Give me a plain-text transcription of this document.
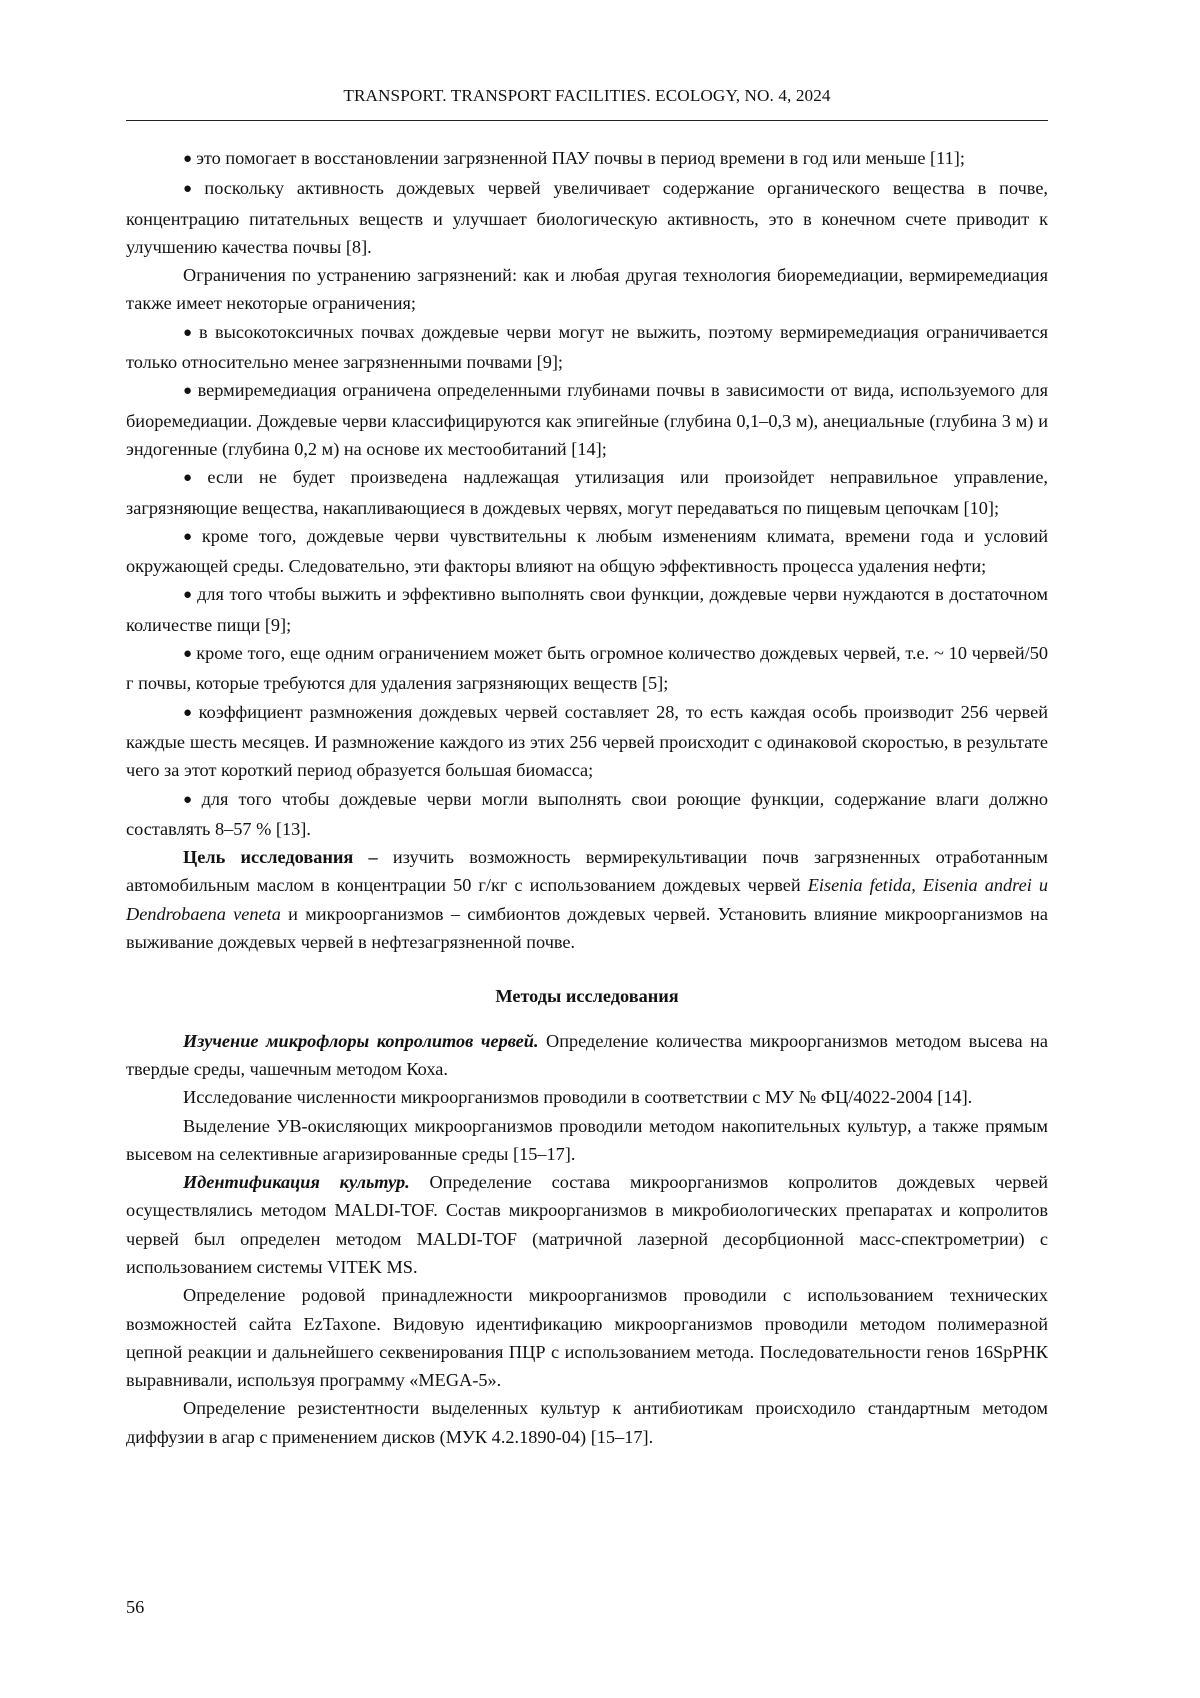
TRANSPORT. TRANSPORT FACILITIES. ECOLOGY, NO. 4, 2024

● это помогает в восстановлении загрязненной ПАУ почвы в период времени в год или меньше [11];

● поскольку активность дождевых червей увеличивает содержание органического вещества в почве, концентрацию питательных веществ и улучшает биологическую активность, это в конечном счете приводит к улучшению качества почвы [8].

Ограничения по устранению загрязнений: как и любая другая технология биоремедиации, вермиремедиация также имеет некоторые ограничения;

● в высокотоксичных почвах дождевые черви могут не выжить, поэтому вермиремедиация ограничивается только относительно менее загрязненными почвами [9];

● вермиремедиация ограничена определенными глубинами почвы в зависимости от вида, используемого для биоремедиации. Дождевые черви классифицируются как эпигейные (глубина 0,1–0,3 м), анециальные (глубина 3 м) и эндогенные (глубина 0,2 м) на основе их местообитаний [14];

● если не будет произведена надлежащая утилизация или произойдет неправильное управление, загрязняющие вещества, накапливающиеся в дождевых червях, могут передаваться по пищевым цепочкам [10];

● кроме того, дождевые черви чувствительны к любым изменениям климата, времени года и условий окружающей среды. Следовательно, эти факторы влияют на общую эффективность процесса удаления нефти;

● для того чтобы выжить и эффективно выполнять свои функции, дождевые черви нуждаются в достаточном количестве пищи [9];

● кроме того, еще одним ограничением может быть огромное количество дождевых червей, т.е. ~ 10 червей/50 г почвы, которые требуются для удаления загрязняющих веществ [5];

● коэффициент размножения дождевых червей составляет 28, то есть каждая особь производит 256 червей каждые шесть месяцев. И размножение каждого из этих 256 червей происходит с одинаковой скоростью, в результате чего за этот короткий период образуется большая биомасса;

● для того чтобы дождевые черви могли выполнять свои роющие функции, содержание влаги должно составлять 8–57 % [13].

Цель исследования – изучить возможность вермирекультивации почв загрязненных отработанным автомобильным маслом в концентрации 50 г/кг с использованием дождевых червей Eisenia fetida, Eisenia andrei и Dendrobaena veneta и микроорганизмов – симбионтов дождевых червей. Установить влияние микроорганизмов на выживание дождевых червей в нефтезагрязненной почве.

Методы исследования

Изучение микрофлоры копролитов червей. Определение количества микроорганизмов методом высева на твердые среды, чашечным методом Коха.

Исследование численности микроорганизмов проводили в соответствии с МУ № ФЦ/4022-2004 [14].

Выделение УВ-окисляющих микроорганизмов проводили методом накопительных культур, а также прямым высевом на селективные агаризированные среды [15–17].

Идентификация культур. Определение состава микроорганизмов копролитов дождевых червей осуществлялись методом MALDI-TOF. Состав микроорганизмов в микробиологических препаратах и копролитов червей был определен методом MALDI-TOF (матричной лазерной десорбционной масс-спектрометрии) с использованием системы VITEK MS.

Определение родовой принадлежности микроорганизмов проводили с использованием технических возможностей сайта EzTaxone. Видовую идентификацию микроорганизмов проводили методом полимеразной цепной реакции и дальнейшего секвенирования ПЦР с использованием метода. Последовательности генов 16SpРНК выравнивали, используя программу «MEGA-5».

Определение резистентности выделенных культур к антибиотикам происходило стандартным методом диффузии в агар с применением дисков (МУК 4.2.1890-04) [15–17].

56
